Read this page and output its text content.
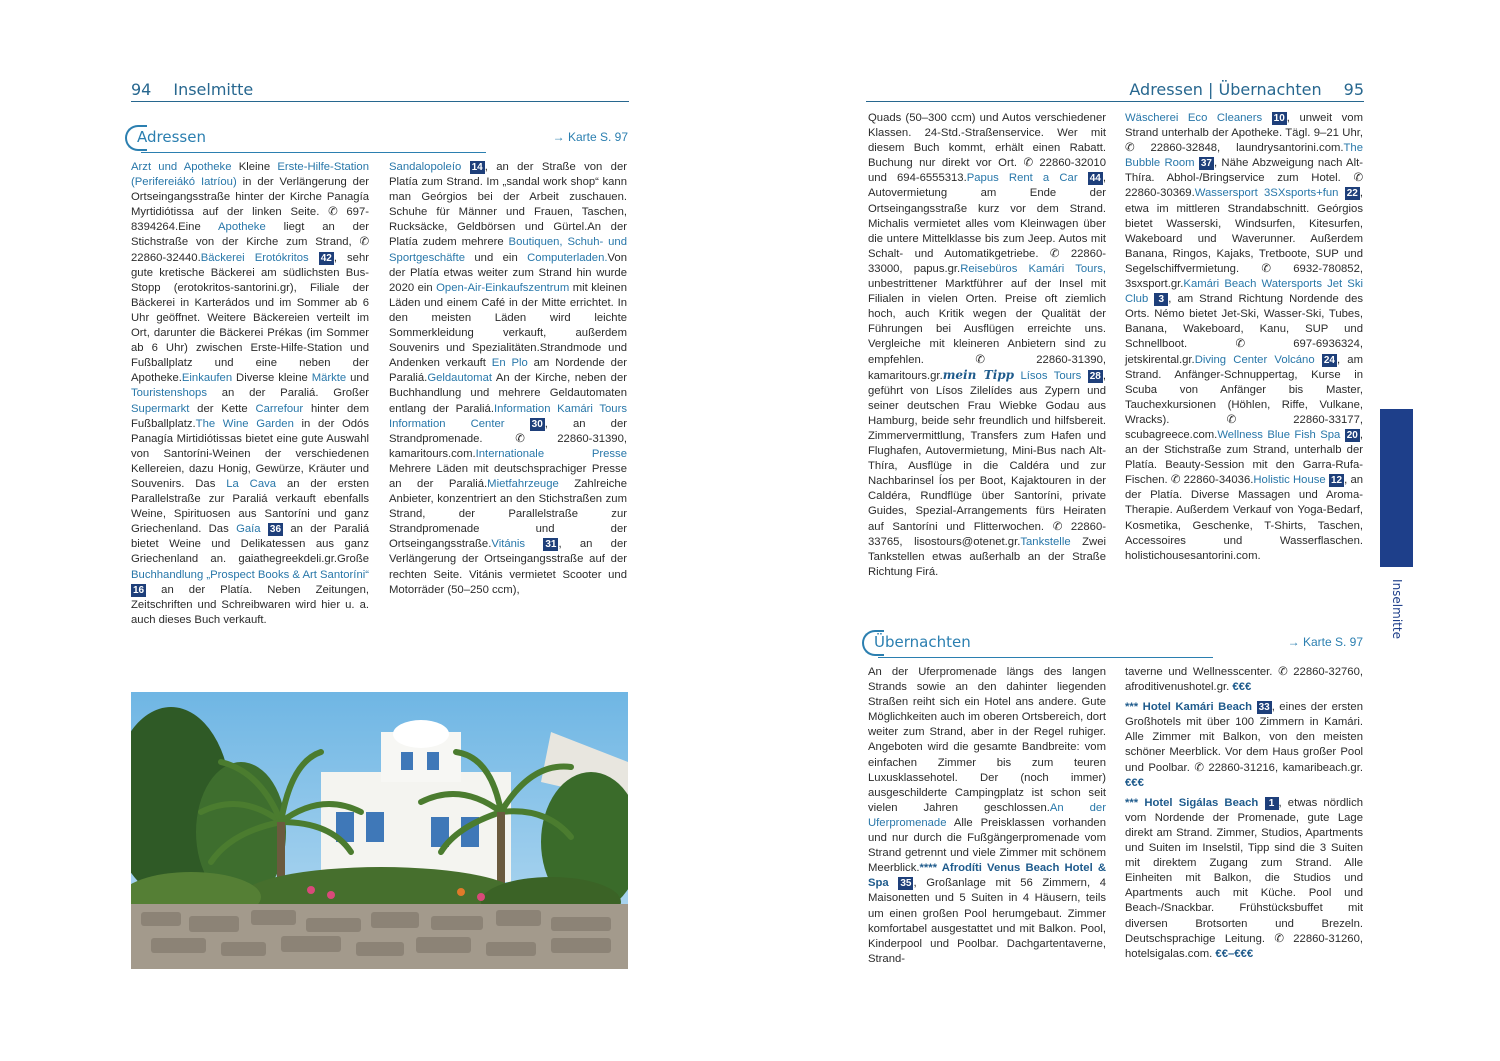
94 Inselmitte
Adressen	→ Karte S. 97

Arzt und Apotheke Kleine Erste-Hilfe-Station (Perifereiákó Iatríou) in der Verlängerung der Ortseingangsstraße hinter der Kirche Panagía Myrtidiótissa auf der linken Seite. ✆ 697-8394264.Eine Apotheke liegt an der Stichstraße von der Kirche zum Strand, ✆ 22860-32440.Bäckerei Erotókritos 42 , sehr gute kretische Bäckerei am südlichsten Bus-Stopp (erotokritos-santorini.gr), Filiale der Bäckerei in Karterádos und im Sommer ab 6 Uhr geöffnet. Weitere Bäckereien verteilt im Ort, darunter die Bäckerei Prékas (im Sommer ab 6 Uhr) zwischen Erste-Hilfe-Station und Fußballplatz und eine neben der Apotheke.Einkaufen Diverse kleine Märkte und Touristenshops an der Paraliá. Großer Supermarkt der Kette Carrefour hinter dem Fußballplatz.The Wine Garden in der Odós Panagía Mirtidiótissas bietet eine gute Auswahl von Santoríni-Weinen der verschiedenen Kellereien, dazu Honig, Gewürze, Kräuter und Souvenirs. Das La Cava an der ersten Parallelstraße zur Paraliá verkauft ebenfalls Weine, Spirituosen aus Santoríni und ganz Griechenland. Das Gaía 36 an der Paraliá bietet Weine und Delikatessen aus ganz Griechenland an. gaiathegreekdeli.gr.Große Buchhandlung „Prospect Books & Art Santoríni“ 16 an der Platía. Neben Zeitungen, Zeitschriften und Schreibwaren wird hier u. a. auch dieses Buch verkauft.

Sandalopoleío 14 , an der Straße von der Platía zum Strand. Im „sandal work shop“ kann man Geórgios bei der Arbeit zuschauen. Schuhe für Männer und Frauen, Taschen, Rucksäcke, Geldbörsen und Gürtel.An der Platía zudem mehrere Boutiquen, Schuh- und Sportgeschäfte und ein Computerladen.Von der Platía etwas weiter zum Strand hin wurde 2020 ein Open-Air-Einkaufszentrum mit kleinen Läden und einem Café in der Mitte errichtet. In den meisten Läden wird leichte Sommerkleidung verkauft, außerdem Souvenirs und Spezialitäten.Strandmode und Andenken verkauft En Plo am Nordende der Paraliá.Geldautomat An der Kirche, neben der Buchhandlung und mehrere Geldautomaten entlang der Paraliá.Information Kamári Tours Information Center	30 , an der Strandpromenade. ✆ 22860-31390, kamaritours.com.Internationale Presse Mehrere Läden mit deutschsprachiger Presse an der Paraliá.Mietfahrzeuge Zahlreiche Anbieter, konzentriert an den Stichstraßen zum Strand, der Parallelstraße zur Strandpromenade und der Ortseingangsstraße.Vitánis 31 , an der Verlängerung der Ortseingangsstraße auf der rechten Seite. Vitánis vermietet Scooter und Motorräder (50–250 ccm),

Adressen | Übernachten 95

Quads (50–300 ccm) und Autos verschiedener Klassen. 24-Std.-Straßenservice. Wer mit diesem Buch kommt, erhält einen Rabatt. Buchung nur direkt vor Ort. ✆ 22860-32010 und 694-6555313.Papus Rent a Car 44 , Autovermietung am Ende der Ortseingangsstraße kurz vor dem Strand. Michalis vermietet alles vom Kleinwagen über die untere Mittelklasse bis zum Jeep. Autos mit Schalt- und Automatikgetriebe. ✆ 22860-33000, papus.gr.Reisebüros Kamári Tours, unbestrittener Marktführer auf der Insel mit Filialen in vielen Orten. Preise oft ziemlich hoch, auch Kritik wegen der Qualität der Führungen bei Ausflügen erreichte uns. Vergleiche mit kleineren Anbietern sind zu empfehlen. ✆ 22860-31390, kamaritours.gr.mein Tipp Lísos Tours 28 , geführt von Lísos Zilelídes aus Zypern und seiner deutschen Frau Wiebke Godau aus Hamburg, beide sehr freundlich und hilfsbereit. Zimmervermittlung, Transfers zum Hafen und Flughafen, Autovermietung, Mini-Bus nach Alt-Thíra, Ausflüge in die Caldéra und zur Nachbarinsel Íos per Boot, Kajaktouren in der Caldéra, Rundflüge über Santoríni, private Guides, Spezial-Arrangements fürs Heiraten auf Santoríni und Flitterwochen. ✆ 22860-33765, lisostours@otenet.gr.Tankstelle Zwei Tankstellen etwas außerhalb an der Straße Richtung Firá.

Wäscherei Eco Cleaners 10 , unweit vom Strand unterhalb der Apotheke. Tägl. 9–21 Uhr, ✆ 22860-32848, laundrysantorini.com.The Bubble Room 37 , Nähe Abzweigung nach Alt-Thíra. Abhol-/Bringservice zum Hotel. ✆ 22860-30369.Wassersport 3SXsports+fun 22 , etwa im mittleren Strandabschnitt. Geórgios bietet Wasserski, Windsurfen, Kitesurfen, Wakeboard und Waverunner. Außerdem Banana, Ringos, Kajaks, Tretboote, SUP und Segelschiffvermietung. ✆ 6932-780852, 3sxsport.gr.Kamári Beach Watersports Jet Ski Club 3 , am Strand Richtung Nordende des Orts. Némo bietet Jet-Ski, Wasser-Ski, Tubes, Banana, Wakeboard, Kanu, SUP und Schnellboot. ✆ 697-6936324, jetskirental.gr.Diving Center Volcáno 24 , am Strand. Anfänger-Schnuppertag, Kurse in Scuba von Anfänger bis Master, Tauchexkursionen (Höhlen, Riffe, Vulkane, Wracks). ✆ 22860-33177, scubagreece.com.Wellness Blue Fish Spa 20 , an der Stichstraße zum Strand, unterhalb der Platía. Beauty-Session mit den Garra-Rufa-Fischen. ✆ 22860-34036.Holistic House 12 , an der Platía. Diverse Massagen und Aroma-Therapie. Außerdem Verkauf von Yoga-Bedarf, Kosmetika, Geschenke, T-Shirts, Taschen, Accessoires und Wasserflaschen. holistichousesantorini.com.

Übernachten	→ Karte S. 97

An der Uferpromenade längs des langen Strands sowie an den dahinter liegenden Straßen reiht sich ein Hotel ans andere. Gute Möglichkeiten auch im oberen Ortsbereich, dort weiter zum Strand, aber in der Regel ruhiger. Angeboten wird die gesamte Bandbreite: vom einfachen Zimmer bis zum teuren Luxusklassehotel. Der (noch immer) ausgeschilderte Campingplatz ist schon seit vielen Jahren geschlossen.An der Uferpromenade Alle Preisklassen vorhanden und nur durch die Fußgängerpromenade vom Strand getrennt und viele Zimmer mit schönem Meerblick.**** Afrodíti Venus Beach Hotel & Spa 35 , Großanlage mit 56 Zimmern, 4 Maisonetten und 5 Suiten in 4 Häusern, teils um einen großen Pool herumgebaut. Zimmer komfortabel ausgestattet und mit Balkon. Pool, Kinderpool und Poolbar. Dachgartentaverne, Strand-

taverne und Wellnesscenter. ✆ 22860-32760, afroditivenushotel.gr. €€€

*** Hotel Kamári Beach 33 , eines der ersten Großhotels mit über 100 Zimmern in Kamári. Alle Zimmer mit Balkon, von den meisten schöner Meerblick. Vor dem Haus großer Pool und Poolbar. ✆ 22860-31216, kamaribeach.gr. €€€

*** Hotel Sigálas Beach 1 , etwas nördlich vom Nordende der Promenade, gute Lage direkt am Strand. Zimmer, Studios, Apartments und Suiten im Inselstil, Tipp sind die 3 Suiten mit direktem Zugang zum Strand. Alle Einheiten mit Balkon, die Studios und Apartments auch mit Küche. Pool und Beach-/Snackbar. Frühstücksbuffet mit diversen Brotsorten und Brezeln. Deutschsprachige Leitung. ✆ 22860-31260, hotelsigalas.com. €€–€€€

Inselmitte
